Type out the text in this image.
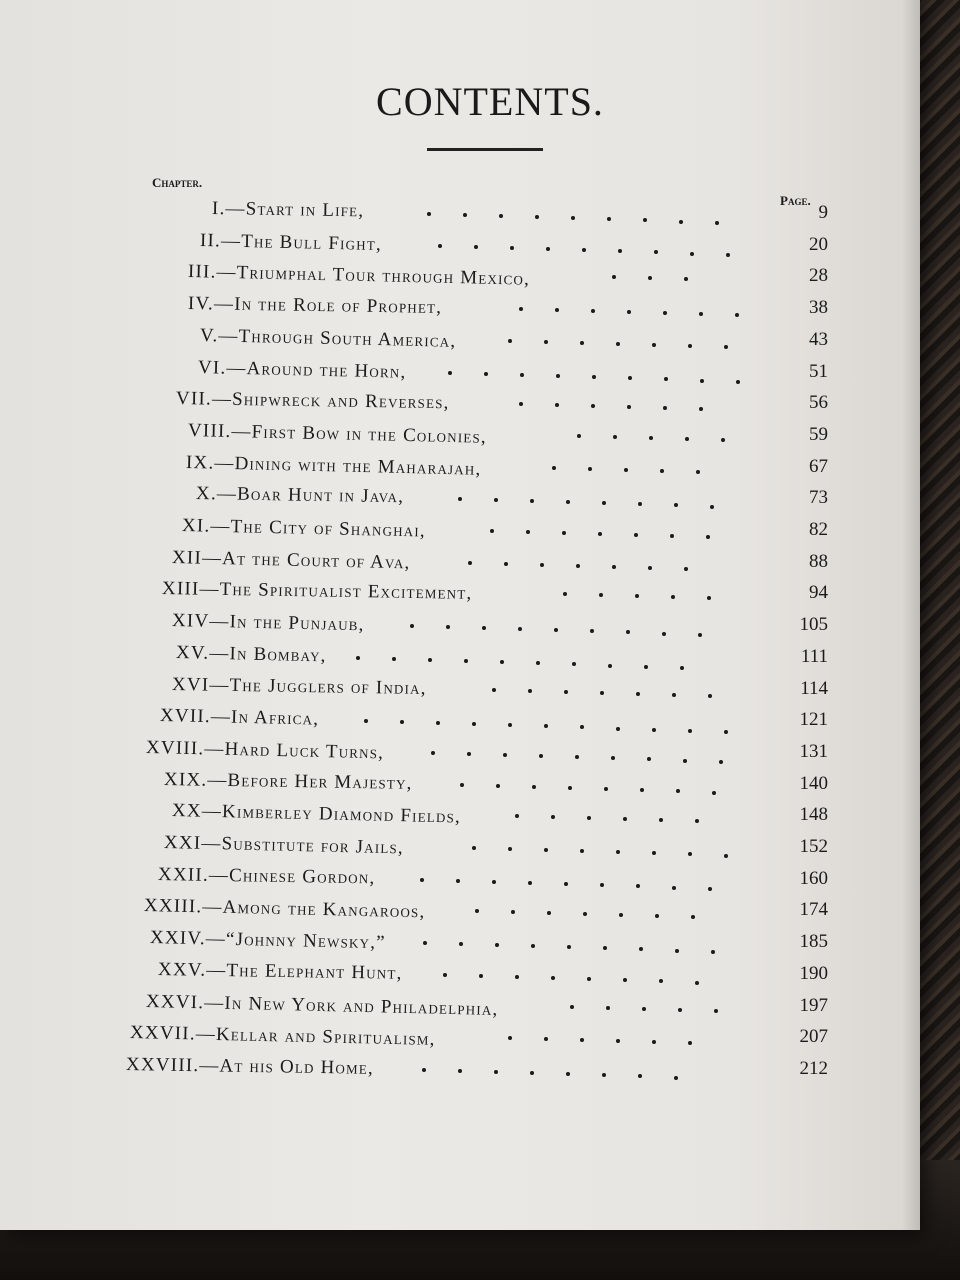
CONTENTS.
Chapter.
Page.
I.—Start in Life,	9
II.—The Bull Fight,	20
III.—Triumphal Tour through Mexico,	28
IV.—In the Role of Prophet,	38
V.—Through South America,	43
VI.—Around the Horn,	51
VII.—Shipwreck and Reverses,	56
VIII.—First Bow in the Colonies,	59
IX.—Dining with the Maharajah,	67
X.—Boar Hunt in Java,	73
XI.—The City of Shanghai,	82
XII—At the Court of Ava,	88
XIII—The Spiritualist Excitement,	94
XIV—In the Punjaub,	105
XV.—In Bombay,	111
XVI—The Jugglers of India,	114
XVII.—In Africa,	121
XVIII.—Hard Luck Turns,	131
XIX.—Before Her Majesty,	140
XX—Kimberley Diamond Fields,	148
XXI—Substitute for Jails,	152
XXII.—Chinese Gordon,	160
XXIII.—Among the Kangaroos,	174
XXIV.—“Johnny Newsky,”	185
XXV.—The Elephant Hunt,	190
XXVI.—In New York and Philadelphia,	197
XXVII.—Kellar and Spiritualism,	207
XXVIII.—At his Old Home,	212
